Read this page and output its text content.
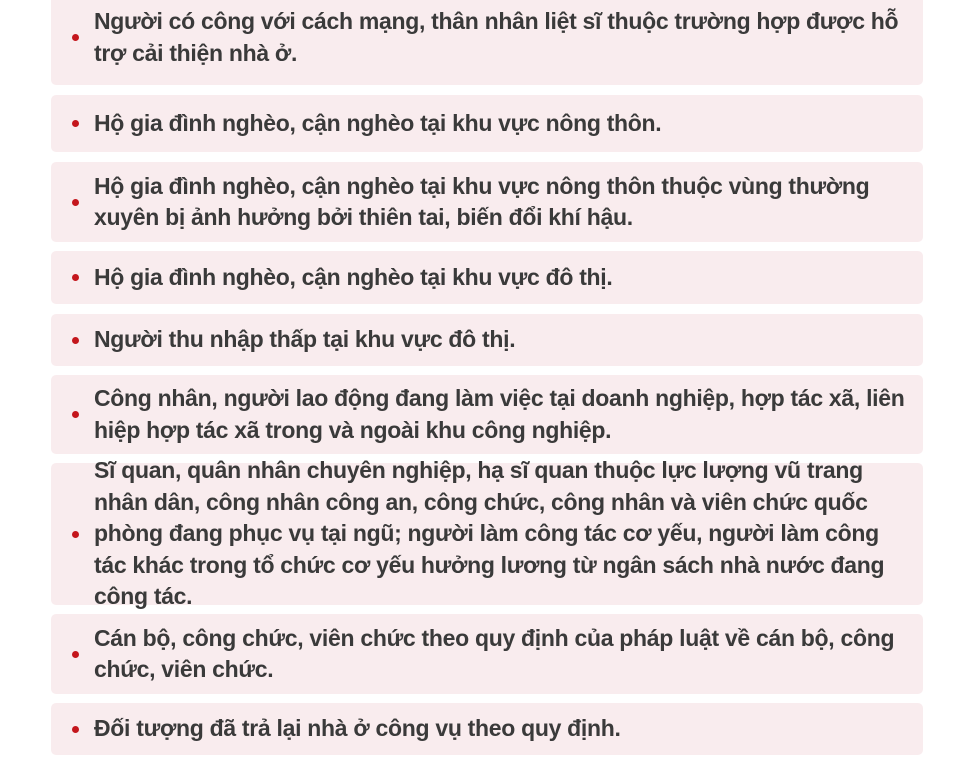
Người có công với cách mạng, thân nhân liệt sĩ thuộc trường hợp được hỗ trợ cải thiện nhà ở.
Hộ gia đình nghèo, cận nghèo tại khu vực nông thôn.
Hộ gia đình nghèo, cận nghèo tại khu vực nông thôn thuộc vùng thường xuyên bị ảnh hưởng bởi thiên tai, biến đổi khí hậu.
Hộ gia đình nghèo, cận nghèo tại khu vực đô thị.
Người thu nhập thấp tại khu vực đô thị.
Công nhân, người lao động đang làm việc tại doanh nghiệp, hợp tác xã, liên hiệp hợp tác xã trong và ngoài khu công nghiệp.
Sĩ quan, quân nhân chuyên nghiệp, hạ sĩ quan thuộc lực lượng vũ trang nhân dân, công nhân công an, công chức, công nhân và viên chức quốc phòng đang phục vụ tại ngũ; người làm công tác cơ yếu, người làm công tác khác trong tổ chức cơ yếu hưởng lương từ ngân sách nhà nước đang công tác.
Cán bộ, công chức, viên chức theo quy định của pháp luật về cán bộ, công chức, viên chức.
Đối tượng đã trả lại nhà ở công vụ theo quy định.
